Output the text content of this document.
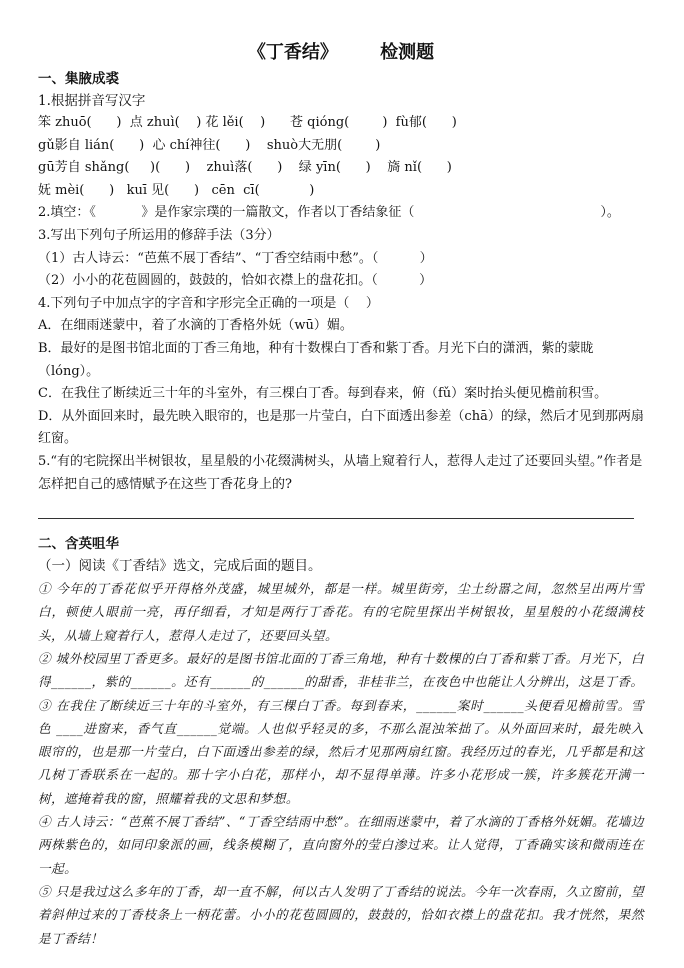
《丁香结》 检测题
一、集腋成裘
1.根据拼音写汉字
笨 zhuō(      )  点 zhuì(    ) 花 lěi(    )      苍 qióng(        )  fù郁(      )
gǔ影自 lián(      )  心 chí神往(      )    shuò大无朋(        )
gū芳自 shǎng(     )(      )    zhuì落(      )    绿 yīn(      )    旖 nǐ(      )
妩 mèi(      )   kuī 见(      )   cēn  cī(            )
2.填空：《           》是作家宗璞的一篇散文，作者以丁香结象征（                                             ）。
3.写出下列句子所运用的修辞手法（3分）
（1）古人诗云：“芭蕉不展丁香结”、“丁香空结雨中愁”。（          ）
（2）小小的花苞圆圆的，鼓鼓的，恰如衣襟上的盘花扣。（          ）
4.下列句子中加点字的字音和字形完全正确的一项是（    ）
A．在细雨迷蒙中，着了水滴的丁香格外妩（wū）媚。
B．最好的是图书馆北面的丁香三角地，种有十数棵白丁香和紫丁香。月光下白的潇洒，紫的蒙眬（lóng）。
C．在我住了断续近三十年的斗室外，有三棵白丁香。每到春来，俯（fǔ）案时抬头便见檐前积雪。
D．从外面回来时，最先映入眼帘的，也是那一片莹白，白下面透出参差（chā）的绿，然后才见到那两扇红窗。
5.“有的宅院探出半树银妆，星星般的小花缀满树头，从墙上窥着行人，惹得人走过了还要回头望。”作者是怎样把自己的感情赋予在这些丁香花身上的?
二、含英咀华
（一）阅读《丁香结》选文，完成后面的题目。

① 今年的丁香花似乎开得格外茂盛，城里城外，都是一样。城里街旁，尘土纷嚣之间，忽然呈出两片雪白，顿使人眼前一亮，再仔细看，才知是两行丁香花。有的宅院里探出半树银妆，星星般的小花缀满枝头，从墙上窥着行人，惹得人走过了，还要回头望。

② 城外校园里丁香更多。最好的是图书馆北面的丁香三角地，种有十数棵的白丁香和紫丁香。月光下，白得______，紫的______。还有______的______的甜香，非桂非兰，在夜色中也能让人分辨出，这是丁香。

③ 在我住了断续近三十年的斗室外，有三棵白丁香。每到春来，______案时______头便看见檐前雪。雪色 ____进窗来，香气直______觉端。人也似乎轻灵的多，不那么混浊笨拙了。从外面回来时，最先映入眼帘的，也是那一片莹白，白下面透出参差的绿，然后才见那两扇红窗。我经历过的春光，几乎都是和这几树丁香联系在一起的。那十字小白花，那样小，却不显得单薄。许多小花形成一簇，许多簇花开满一树，遮掩着我的窗，照耀着我的文思和梦想。

④ 古人诗云：“芭蕉不展丁香结”、“丁香空结雨中愁”。在细雨迷蒙中，着了水滴的丁香格外妩媚。花墙边两株紫色的，如同印象派的画，线条模糊了，直向窗外的莹白渗过来。让人觉得，丁香确实该和微雨连在一起。

⑤ 只是我过这么多年的丁香，却一直不解，何以古人发明了丁香结的说法。今年一次春雨，久立窗前，望着斜伸过来的丁香枝条上一柄花蕾。小小的花苞圆圆的，鼓鼓的，恰如衣襟上的盘花扣。我才恍然，果然是丁香结！
